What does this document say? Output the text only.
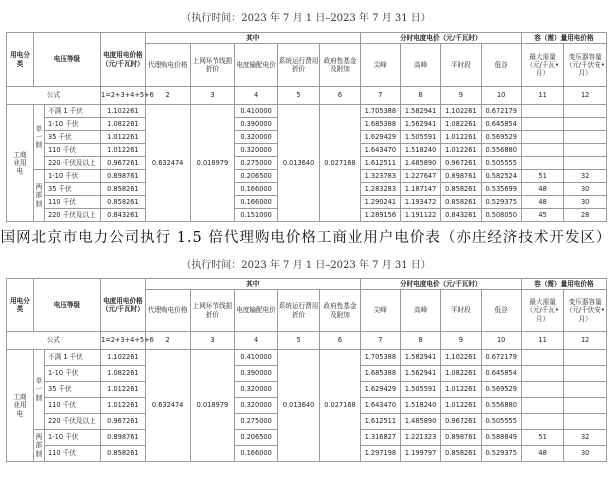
（执行时间：2023 年 7 月 1 日–2023 年 7 月 31 日）
用电分类	电压等级		电度用电价格（元/千瓦时）	其中					分时电度电价（元/千瓦时）				容（需）量用电价格	
				代理购电价格	上网环节线损折价	电度输配电价	系统运行费用折价	政府性基金及附加	尖峰	高峰	平时段	低谷	最大需量（元/千瓦•月）	变压器容量（元/千伏安•月）
公式			1=2+3+4+5+6	2	3	4	5	6	7	8	9	10	11	12
工商业用电	单一制	不满 1 千伏	1.102261	0.632474	0.018979	0.410000	0.013640	0.027168	1.705388	1.582941	1.102261	0.672179		
		1-10 千伏	1.082261			0.390000			1.685388	1.562941	1.082261	0.645854		
		35 千伏	1.012261			0.320000			1.629429	1.505591	1.012261	0.569529		
		110 千伏	1.012261			0.320000			1.643470	1.518240	1.012261	0.556880		
		220 千伏及以上	0.967261			0.275000			1.612511	1.485890	0.967261	0.505555		
	两部制	1-10 千伏	0.898761			0.206500			1.323783	1.227647	0.898761	0.582524	51	32
		35 千伏	0.858261			0.166000			1.283283	1.187147	0.858261	0.535699	48	30
		110 千伏	0.858261			0.166000			1.290241	1.193472	0.858261	0.529375	48	30
		220 千伏及以上	0.843261			0.151000			1.289156	1.191122	0.843261	0.508050	45	28
国网北京市电力公司执行 1.5 倍代理购电价格工商业用户电价表（亦庄经济技术开发区）
（执行时间：2023 年 7 月 1 日–2023 年 7 月 31 日）
用电分类	电压等级		电度用电价格（元/千瓦时）	其中					分时电度电价（元/千瓦时）				容（需）量用电价格	
				代理购电价格	上网环节线损折价	电度输配电价	系统运行费用折价	政府性基金及附加	尖峰	高峰	平时段	低谷	最大需量（元/千瓦•月）	变压器容量（元/千伏安•月）
公式			1=2+3+4+5+6	2	3	4	5	6	7	8	9	10	11	12
工商业用电	单一制	不满 1 千伏	1.102261	0.632474	0.018979	0.410000	0.013640	0.027168	1.705388	1.582941	1.102261	0.672179		
		1-10 千伏	1.082261			0.390000			1.685388	1.562941	1.082261	0.645854		
		35 千伏	1.012261			0.320000			1.629429	1.505591	1.012261	0.569529		
		110 千伏	1.012261			0.320000			1.643470	1.518240	1.012261	0.556880		
		220 千伏及以上	0.967261			0.275000			1.612511	1.485890	0.967261	0.505555		
	两部制	1-10 千伏	0.898761			0.206500			1.316827	1.221323	0.898761	0.588849	51	32
		110 千伏	0.858261			0.166000			1.297198	1.199797	0.858261	0.529375	48	30
